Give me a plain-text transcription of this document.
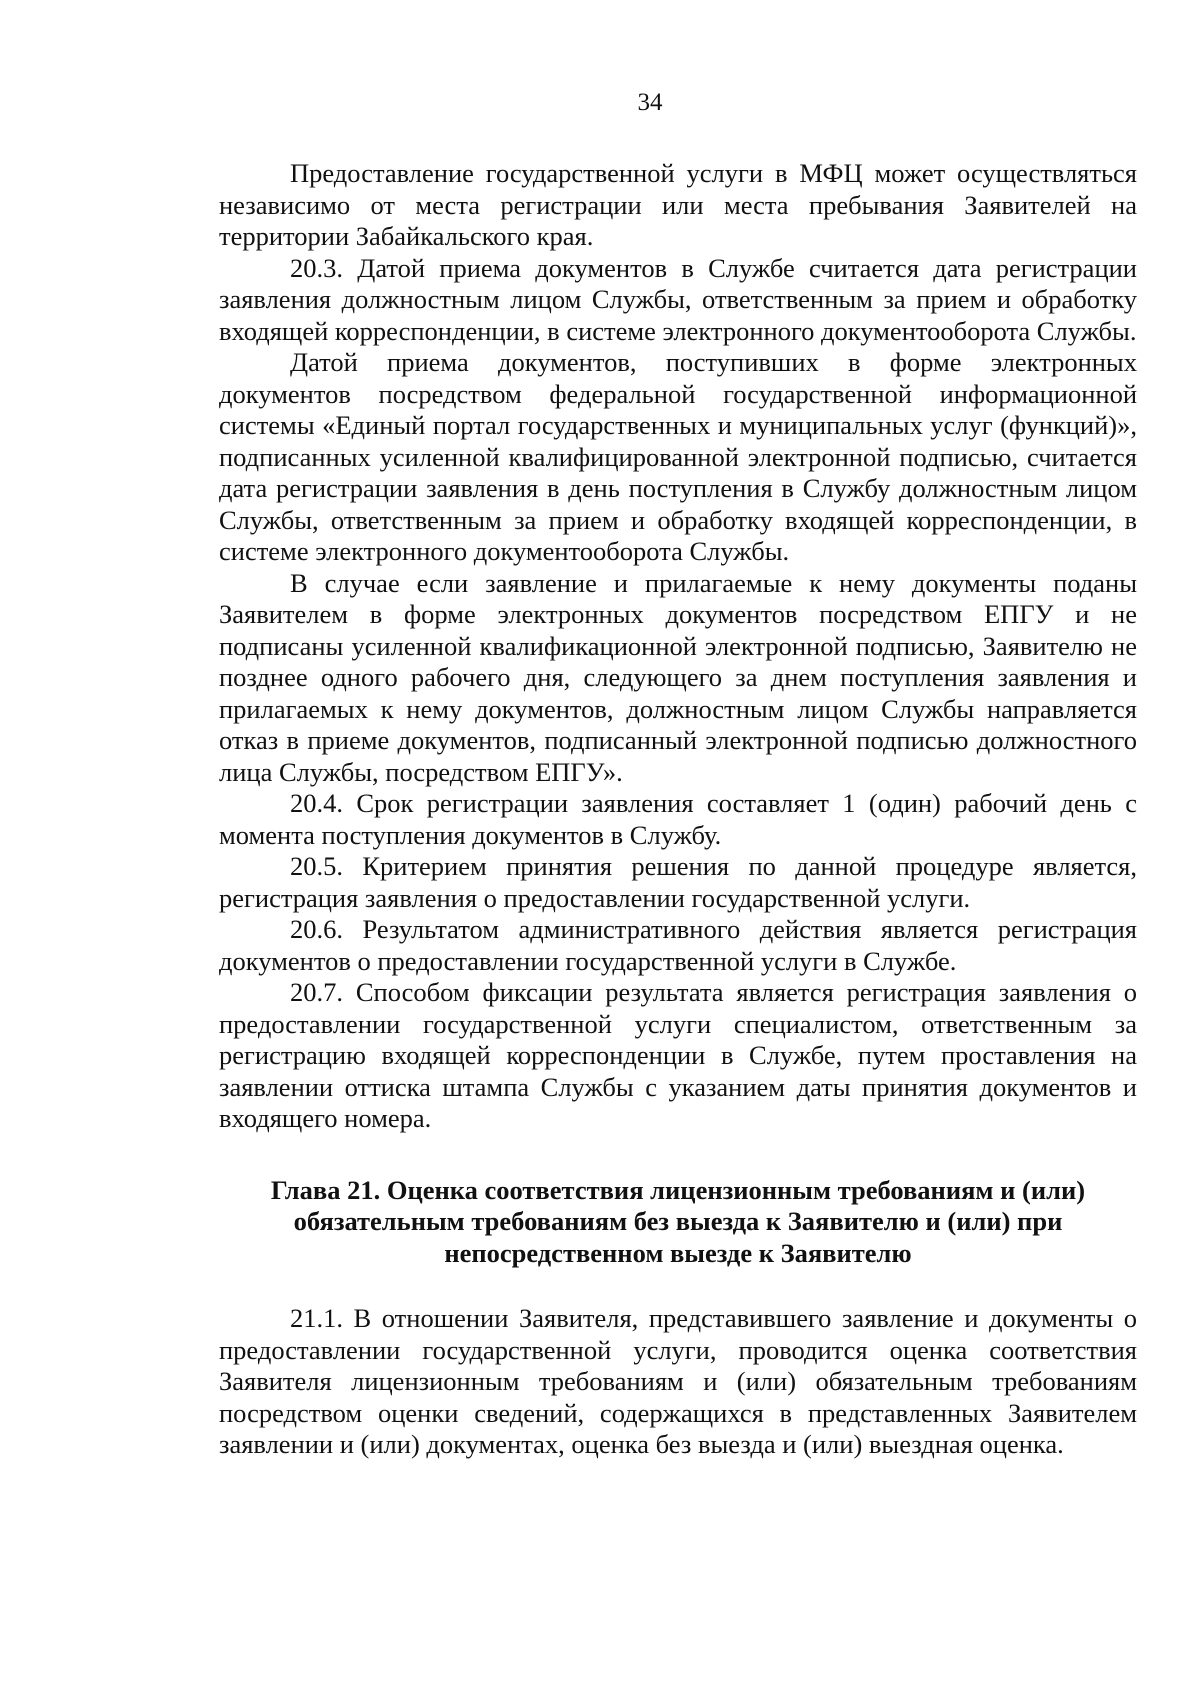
34

Предоставление государственной услуги в МФЦ может осуществляться независимо от места регистрации или места пребывания Заявителей на территории Забайкальского края.

20.3. Датой приема документов в Службе считается дата регистрации заявления должностным лицом Службы, ответственным за прием и обработку входящей корреспонденции, в системе электронного документооборота Службы.

Датой приема документов, поступивших в форме электронных документов посредством федеральной государственной информационной системы «Единый портал государственных и муниципальных услуг (функций)», подписанных усиленной квалифицированной электронной подписью, считается дата регистрации заявления в день поступления в Службу должностным лицом Службы, ответственным за прием и обработку входящей корреспонденции, в системе электронного документооборота Службы.

В случае если заявление и прилагаемые к нему документы поданы Заявителем в форме электронных документов посредством ЕПГУ и не подписаны усиленной квалификационной электронной подписью, Заявителю не позднее одного рабочего дня, следующего за днем поступления заявления и прилагаемых к нему документов, должностным лицом Службы направляется отказ в приеме документов, подписанный электронной подписью должностного лица Службы, посредством ЕПГУ».

20.4. Срок регистрации заявления составляет 1 (один) рабочий день с момента поступления документов в Службу.

20.5. Критерием принятия решения по данной процедуре является, регистрация заявления о предоставлении государственной услуги.

20.6. Результатом административного действия является регистрация документов о предоставлении государственной услуги в Службе.

20.7. Способом фиксации результата является регистрация заявления о предоставлении государственной услуги специалистом, ответственным за регистрацию входящей корреспонденции в Службе, путем проставления на заявлении оттиска штампа Службы с указанием даты принятия документов и входящего номера.

Глава 21. Оценка соответствия лицензионным требованиям и (или) обязательным требованиям без выезда к Заявителю и (или) при непосредственном выезде к Заявителю

21.1. В отношении Заявителя, представившего заявление и документы о предоставлении государственной услуги, проводится оценка соответствия Заявителя лицензионным требованиям и (или) обязательным требованиям посредством оценки сведений, содержащихся в представленных Заявителем заявлении и (или) документах, оценка без выезда и (или) выездная оценка.
